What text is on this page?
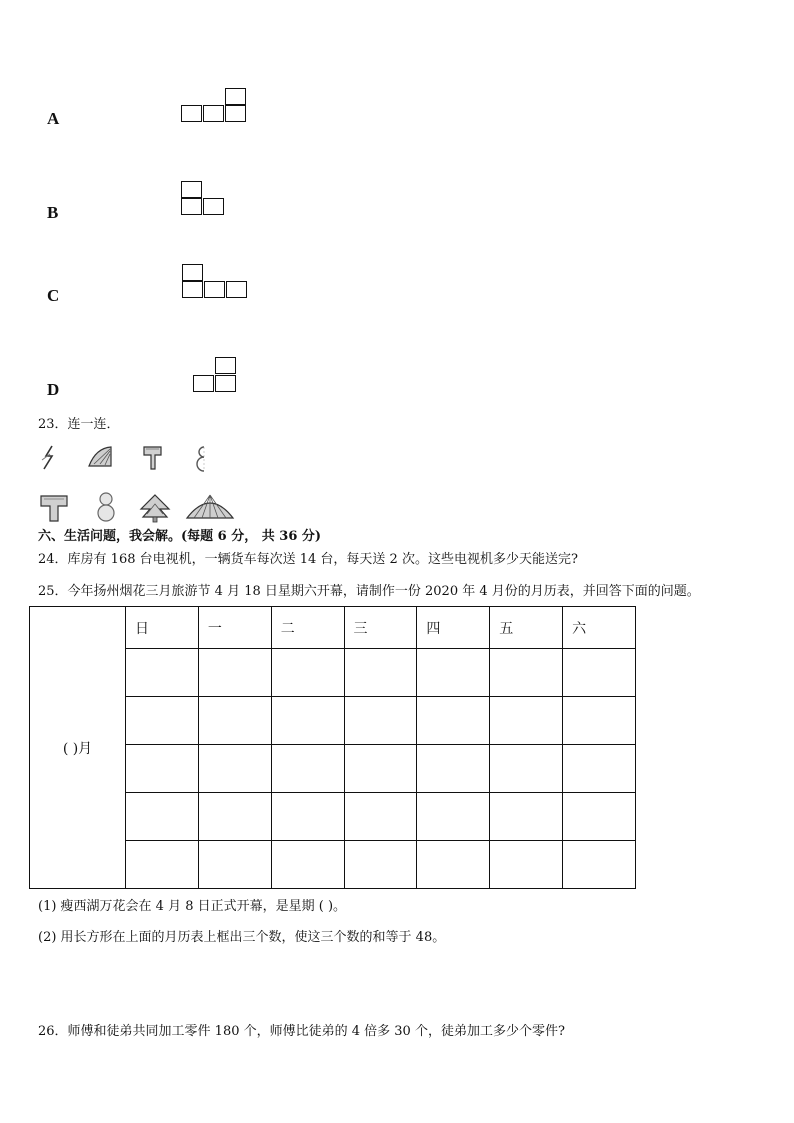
A
B
C
D
23．连一连．
六、生活问题，我会解。(每题 6 分， 共 36 分)
24．库房有 168 台电视机，一辆货车每次送 14 台，每天送 2 次。这些电视机多少天能送完?
25．今年扬州烟花三月旅游节 4 月 18 日星期六开幕，请制作一份 2020 年 4 月份的月历表，并回答下面的问题。
( )月	日	一	二	三	四	五	六

(1) 瘦西湖万花会在 4 月 8 日正式开幕，是星期 ( )。
(2) 用长方形在上面的月历表上框出三个数，使这三个数的和等于 48。
26．师傅和徒弟共同加工零件 180 个，师傅比徒弟的 4 倍多 30 个，徒弟加工多少个零件?
